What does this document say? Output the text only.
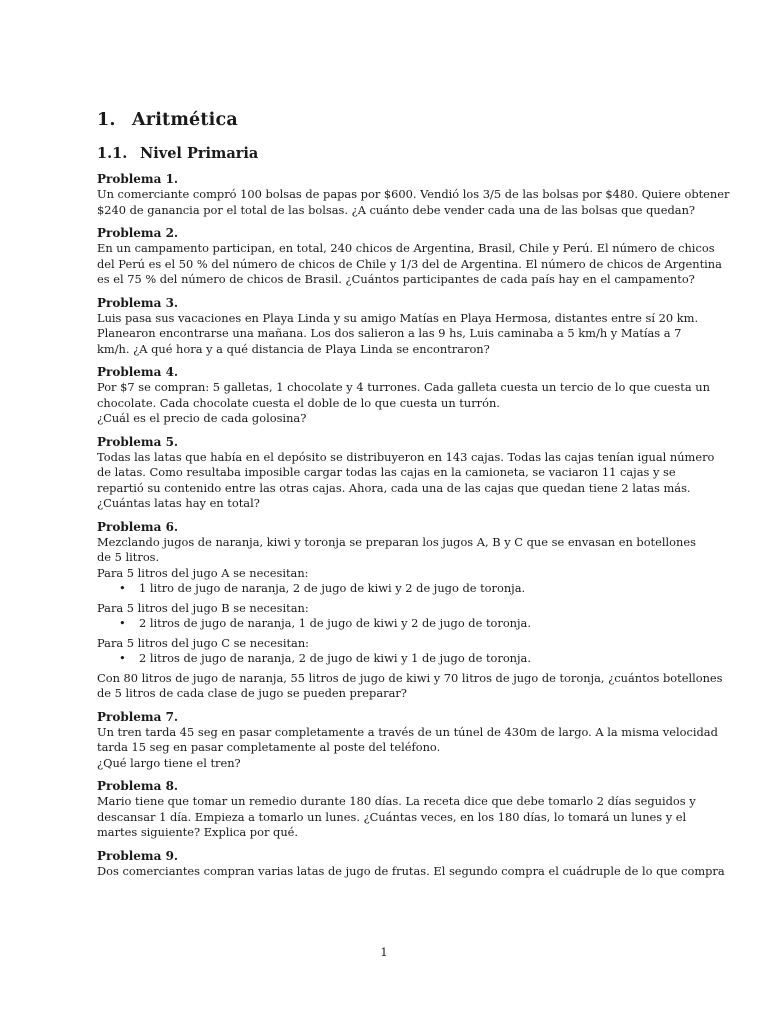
1. Aritmética
1.1. Nivel Primaria
Problema 1.
Un comerciante compró 100 bolsas de papas por $600. Vendió los 3/5 de las bolsas por $480. Quiere obtener
$240 de ganancia por el total de las bolsas. ¿A cuánto debe vender cada una de las bolsas que quedan?
Problema 2.
En un campamento participan, en total, 240 chicos de Argentina, Brasil, Chile y Perú. El número de chicos
del Perú es el 50 % del número de chicos de Chile y 1/3 del de Argentina. El número de chicos de Argentina
es el 75 % del número de chicos de Brasil. ¿Cuántos participantes de cada país hay en el campamento?
Problema 3.
Luis pasa sus vacaciones en Playa Linda y su amigo Matías en Playa Hermosa, distantes entre sí 20 km.
Planearon encontrarse una mañana. Los dos salieron a las 9 hs, Luis caminaba a 5 km/h y Matías a 7
km/h. ¿A qué hora y a qué distancia de Playa Linda se encontraron?
Problema 4.
Por $7 se compran: 5 galletas, 1 chocolate y 4 turrones. Cada galleta cuesta un tercio de lo que cuesta un
chocolate. Cada chocolate cuesta el doble de lo que cuesta un turrón.
¿Cuál es el precio de cada golosina?
Problema 5.
Todas las latas que había en el depósito se distribuyeron en 143 cajas. Todas las cajas tenían igual número
de latas. Como resultaba imposible cargar todas las cajas en la camioneta, se vaciaron 11 cajas y se
repartió su contenido entre las otras cajas. Ahora, cada una de las cajas que quedan tiene 2 latas más.
¿Cuántas latas hay en total?
Problema 6.
Mezclando jugos de naranja, kiwi y toronja se preparan los jugos A, B y C que se envasan en botellones
de 5 litros.
Para 5 litros del jugo A se necesitan:
• 1 litro de jugo de naranja, 2 de jugo de kiwi y 2 de jugo de toronja.
Para 5 litros del jugo B se necesitan:
• 2 litros de jugo de naranja, 1 de jugo de kiwi y 2 de jugo de toronja.
Para 5 litros del jugo C se necesitan:
• 2 litros de jugo de naranja, 2 de jugo de kiwi y 1 de jugo de toronja.
Con 80 litros de jugo de naranja, 55 litros de jugo de kiwi y 70 litros de jugo de toronja, ¿cuántos botellones
de 5 litros de cada clase de jugo se pueden preparar?
Problema 7.
Un tren tarda 45 seg en pasar completamente a través de un túnel de 430m de largo. A la misma velocidad
tarda 15 seg en pasar completamente al poste del teléfono.
¿Qué largo tiene el tren?
Problema 8.
Mario tiene que tomar un remedio durante 180 días. La receta dice que debe tomarlo 2 días seguidos y
descansar 1 día. Empieza a tomarlo un lunes. ¿Cuántas veces, en los 180 días, lo tomará un lunes y el
martes siguiente? Explica por qué.
Problema 9.
Dos comerciantes compran varias latas de jugo de frutas. El segundo compra el cuádruple de lo que compra
1
